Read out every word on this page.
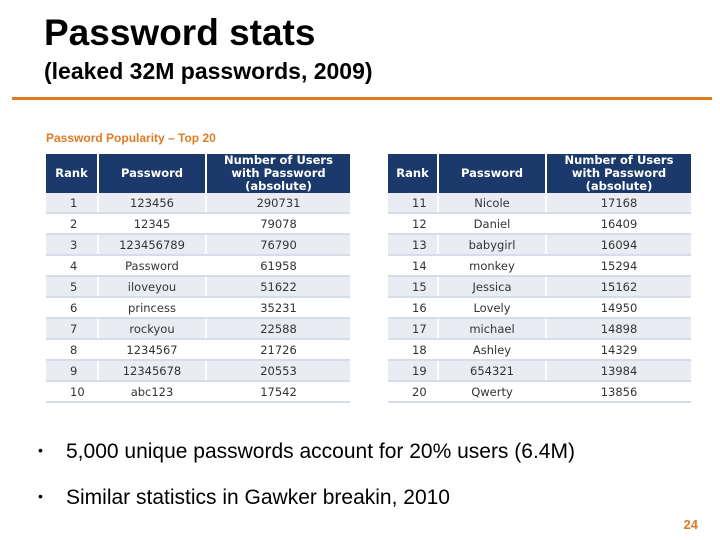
Password stats
(leaked 32M passwords, 2009)
Password Popularity – Top 20
Rank	Password	Number of Users with Password (absolute)
1	123456	290731
2	12345	79078
3	123456789	76790
4	Password	61958
5	iloveyou	51622
6	princess	35231
7	rockyou	22588
8	1234567	21726
9	12345678	20553
10	abc123	17542
Rank	Password	Number of Users with Password (absolute)
11	Nicole	17168
12	Daniel	16409
13	babygirl	16094
14	monkey	15294
15	Jessica	15162
16	Lovely	14950
17	michael	14898
18	Ashley	14329
19	654321	13984
20	Qwerty	13856
•	5,000 unique passwords account for 20% users (6.4M)
•	Similar statistics in Gawker breakin, 2010
24
